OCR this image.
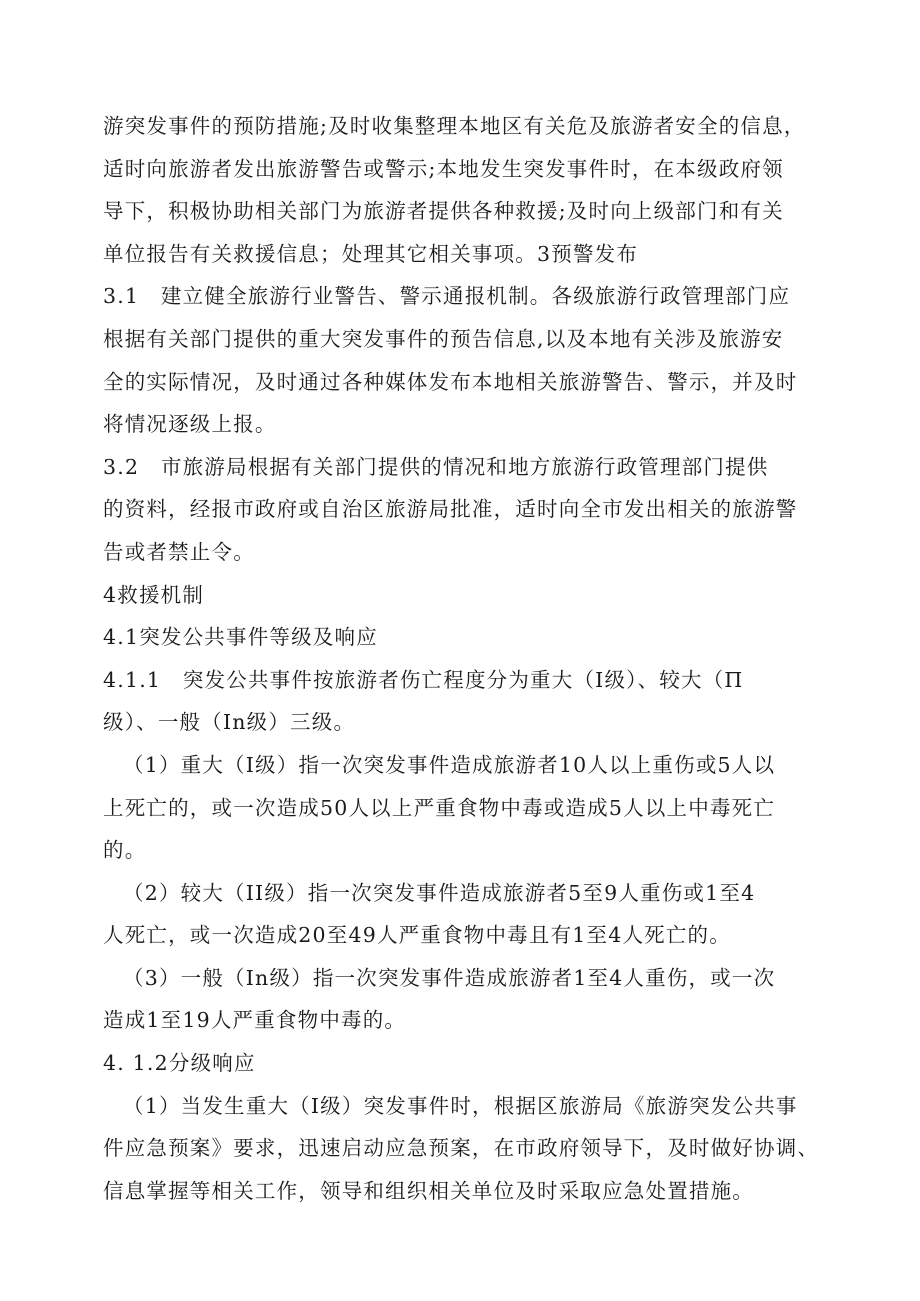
游突发事件的预防措施;及时收集整理本地区有关危及旅游者安全的信息，
适时向旅游者发出旅游警告或警示;本地发生突发事件时，在本级政府领
导下，积极协助相关部门为旅游者提供各种救援;及时向上级部门和有关
单位报告有关救援信息；处理其它相关事项。3预警发布
3.1　建立健全旅游行业警告、警示通报机制。各级旅游行政管理部门应
根据有关部门提供的重大突发事件的预告信息,以及本地有关涉及旅游安
全的实际情况，及时通过各种媒体发布本地相关旅游警告、警示，并及时
将情况逐级上报。
3.2　市旅游局根据有关部门提供的情况和地方旅游行政管理部门提供
的资料，经报市政府或自治区旅游局批准，适时向全市发出相关的旅游警
告或者禁止令。
4救援机制
4.1突发公共事件等级及响应
4.1.1　突发公共事件按旅游者伤亡程度分为重大（Ⅰ级）、较大（Π
级）、一般（In级）三级。
（1）重大（Ⅰ级）指一次突发事件造成旅游者10人以上重伤或5人以
上死亡的，或一次造成50人以上严重食物中毒或造成5人以上中毒死亡
的。
（2）较大（II级）指一次突发事件造成旅游者5至9人重伤或1至4
人死亡，或一次造成20至49人严重食物中毒且有1至4人死亡的。
（3）一般（In级）指一次突发事件造成旅游者1至4人重伤，或一次
造成1至19人严重食物中毒的。
4. 1.2分级响应
（1）当发生重大（Ⅰ级）突发事件时，根据区旅游局《旅游突发公共事
件应急预案》要求，迅速启动应急预案，在市政府领导下，及时做好协调、
信息掌握等相关工作，领导和组织相关单位及时采取应急处置措施。
